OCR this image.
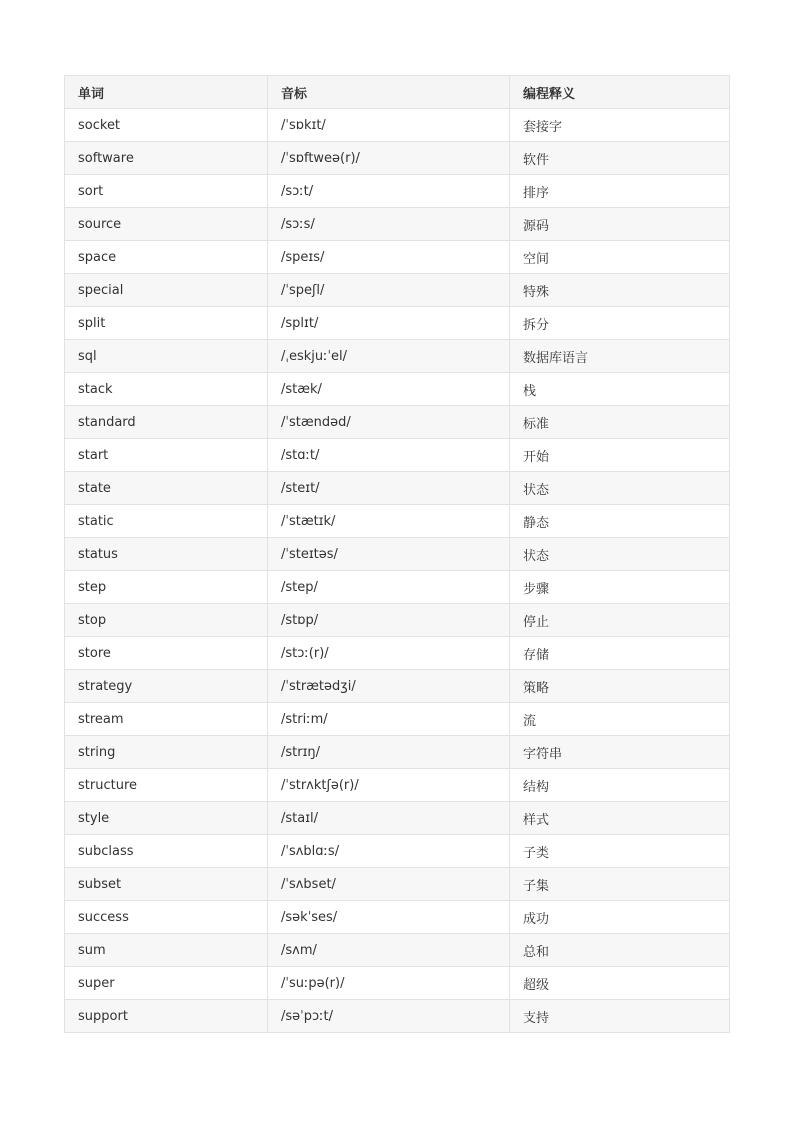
单词	音标	编程释义
socket	/ˈsɒkɪt/	套接字
software	/ˈsɒftweə(r)/	软件
sort	/sɔːt/	排序
source	/sɔːs/	源码
space	/speɪs/	空间
special	/ˈspeʃl/	特殊
split	/splɪt/	拆分
sql	/ˌeskjuːˈel/	数据库语言
stack	/stæk/	栈
standard	/ˈstændəd/	标准
start	/stɑːt/	开始
state	/steɪt/	状态
static	/ˈstætɪk/	静态
status	/ˈsteɪtəs/	状态
step	/step/	步骤
stop	/stɒp/	停止
store	/stɔː(r)/	存储
strategy	/ˈstrætədʒi/	策略
stream	/striːm/	流
string	/strɪŋ/	字符串
structure	/ˈstrʌktʃə(r)/	结构
style	/staɪl/	样式
subclass	/ˈsʌblɑːs/	子类
subset	/ˈsʌbset/	子集
success	/səkˈses/	成功
sum	/sʌm/	总和
super	/ˈsuːpə(r)/	超级
support	/səˈpɔːt/	支持
